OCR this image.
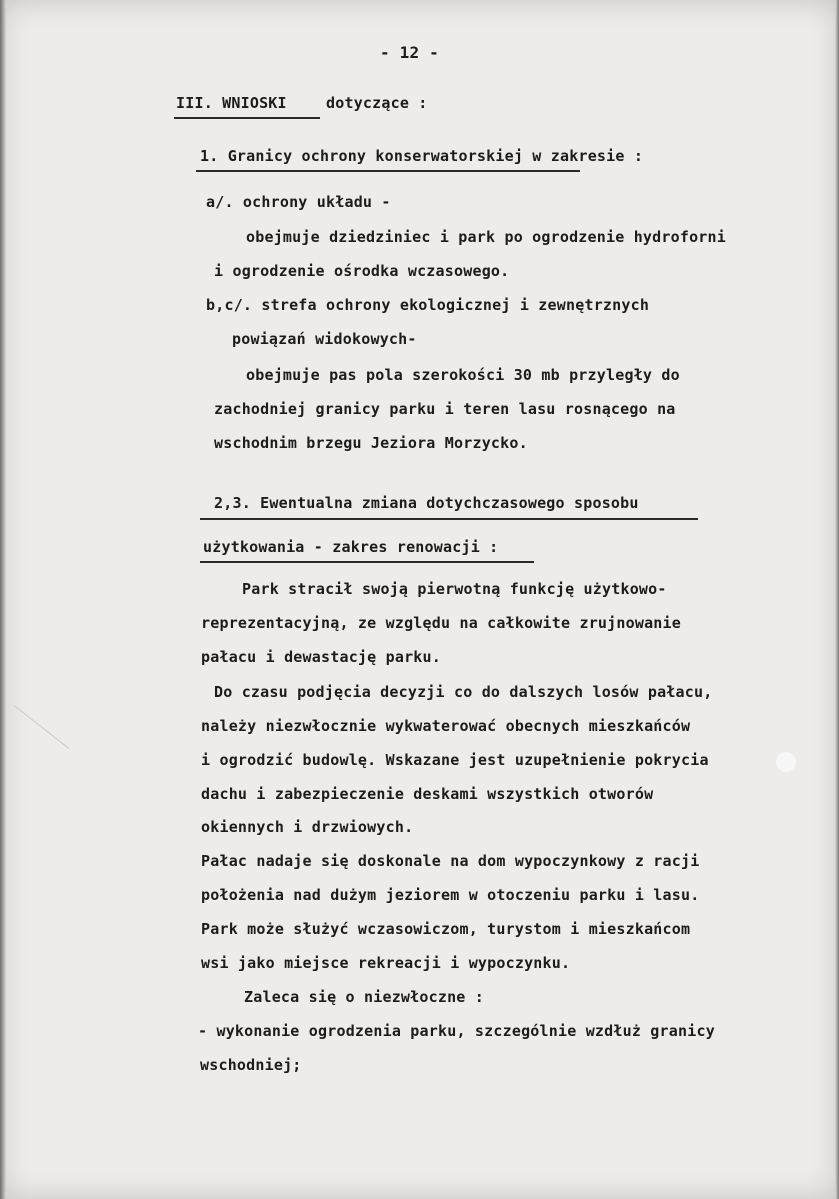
- 12 -
III. WNIOSKI	dotyczące :
1. Granicy ochrony konserwatorskiej w zakresie :
a/. ochrony układu -
obejmuje dziedziniec i park po ogrodzenie hydroforni
i ogrodzenie ośrodka wczasowego.
b,c/. strefa ochrony ekologicznej i zewnętrznych
powiązań widokowych-
obejmuje pas pola szerokości 30 mb przyległy do
zachodniej granicy parku i teren lasu rosnącego na
wschodnim brzegu Jeziora Morzycko.
2,3. Ewentualna zmiana dotychczasowego sposobu
użytkowania - zakres renowacji :
Park stracił swoją pierwotną funkcję użytkowo-
reprezentacyjną, ze względu na całkowite zrujnowanie
pałacu i dewastację parku.
Do czasu podjęcia decyzji co do dalszych losów pałacu,
należy niezwłocznie wykwaterować obecnych mieszkańców
i ogrodzić budowlę. Wskazane jest uzupełnienie pokrycia
dachu i zabezpieczenie deskami wszystkich otworów
okiennych i drzwiowych.
Pałac nadaje się doskonale na dom wypoczynkowy z racji
położenia nad dużym jeziorem w otoczeniu parku i lasu.
Park może służyć wczasowiczom, turystom i mieszkańcom
wsi jako miejsce rekreacji i wypoczynku.
Zaleca się o niezwłoczne :
- wykonanie ogrodzenia parku, szczególnie wzdłuż granicy
wschodniej;
